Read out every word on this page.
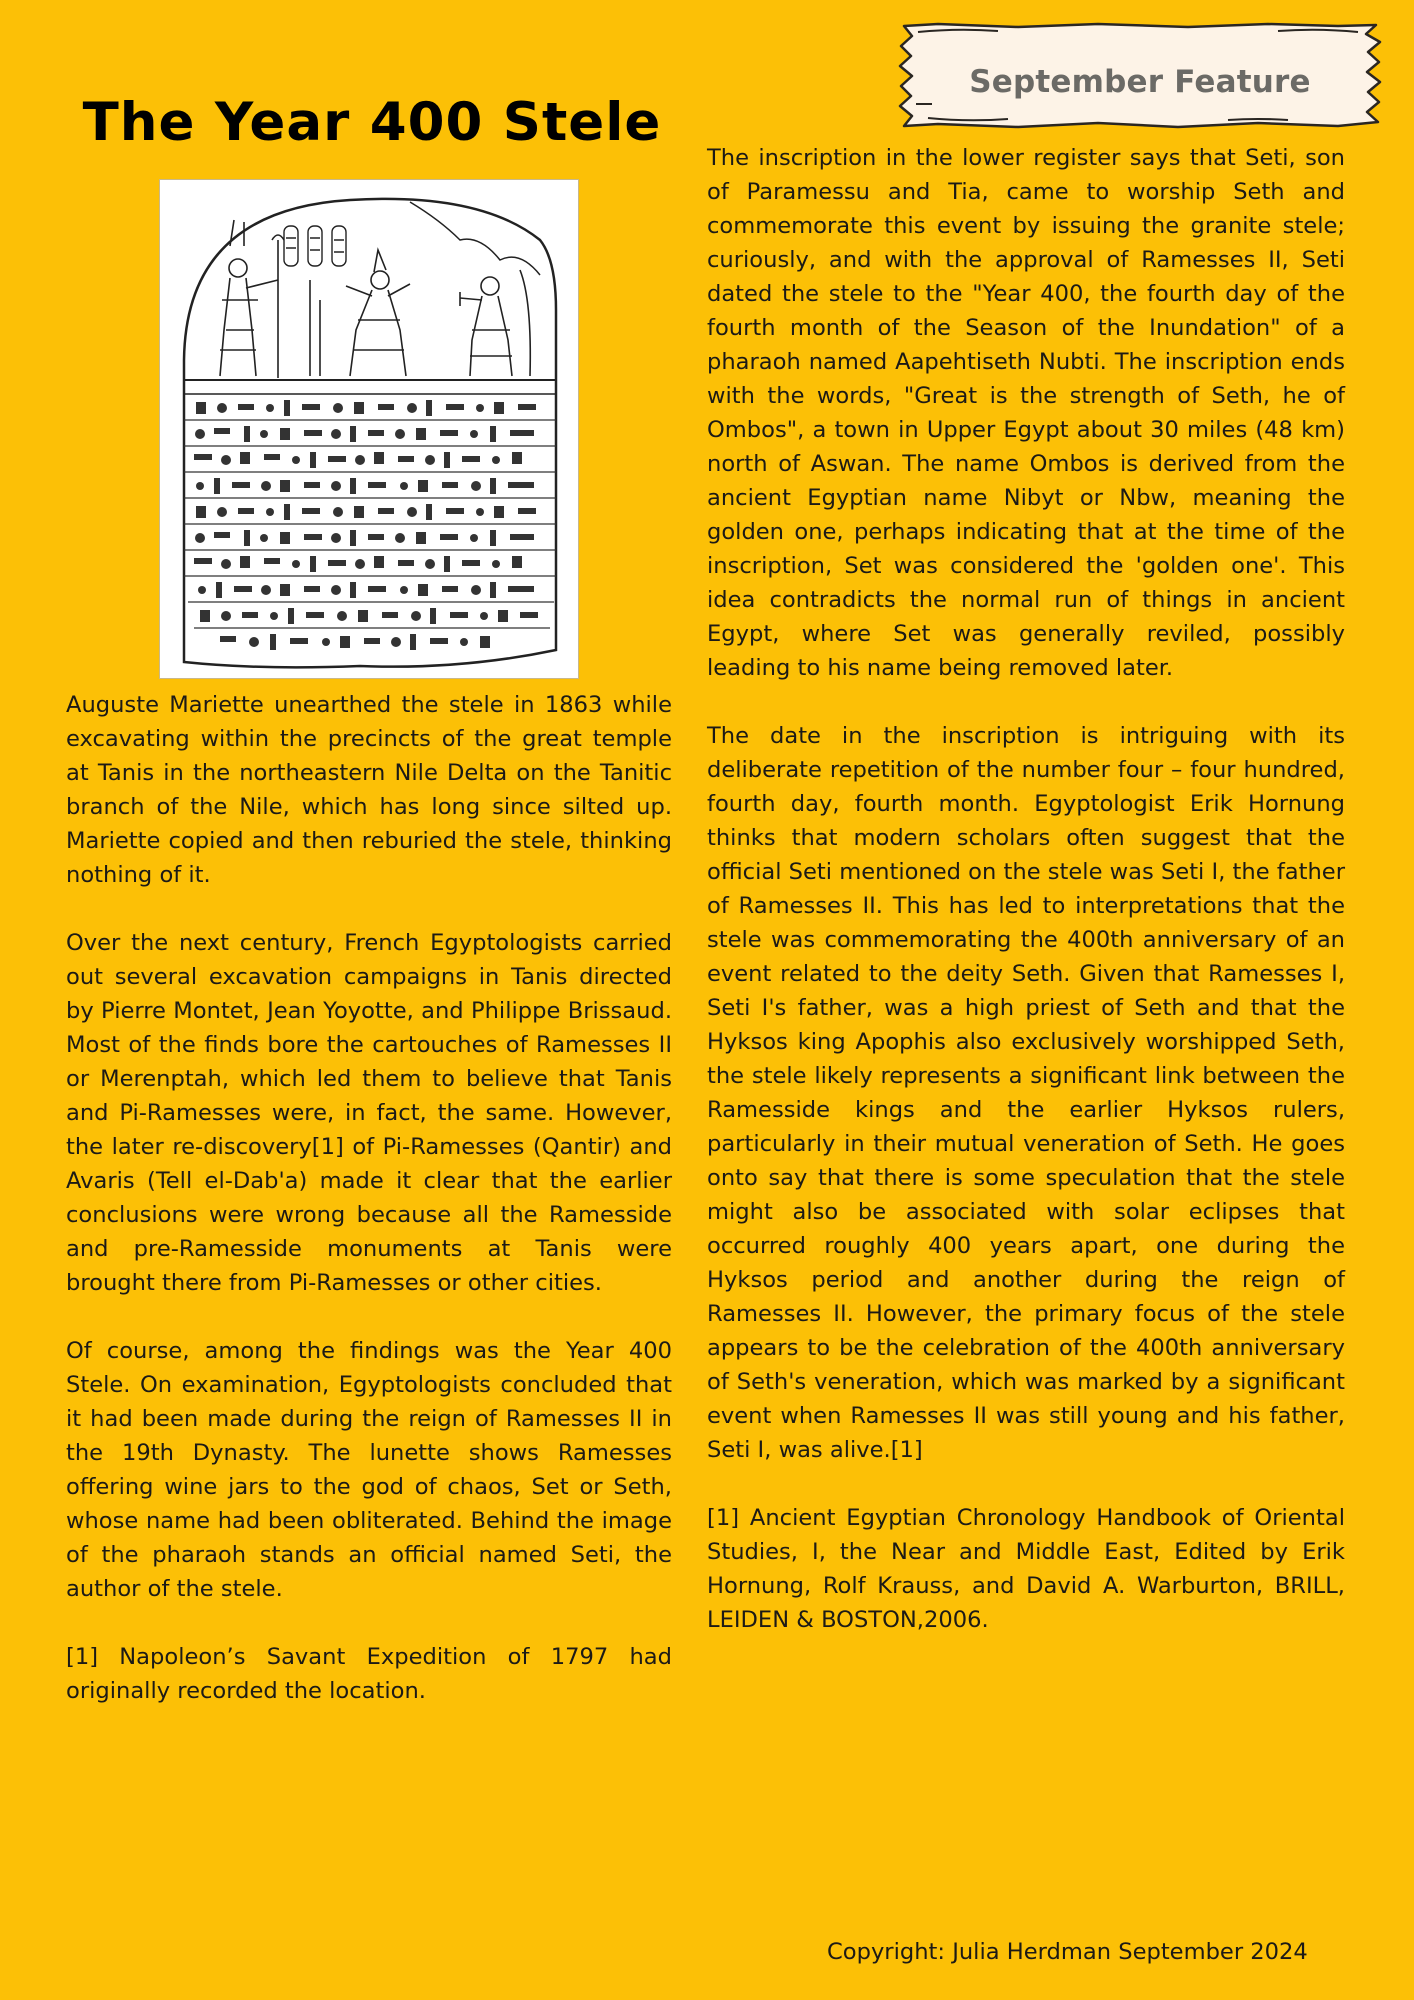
September Feature
The Year 400 Stele

Auguste Mariette unearthed the stele in 1863 while excavating within the precincts of the great temple at Tanis in the northeastern Nile Delta on the Tanitic branch of the Nile, which has long since silted up. Mariette copied and then reburied the stele, thinking nothing of it.

Over the next century, French Egyptologists carried out several excavation campaigns in Tanis directed by Pierre Montet, Jean Yoyotte, and Philippe Brissaud. Most of the finds bore the cartouches of Ramesses II or Merenptah, which led them to believe that Tanis and Pi-Ramesses were, in fact, the same. However, the later re-discovery[1] of Pi-Ramesses (Qantir) and Avaris (Tell el-Dab'a) made it clear that the earlier conclusions were wrong because all the Ramesside and pre-Ramesside monuments at Tanis were brought there from Pi-Ramesses or other cities.

Of course, among the findings was the Year 400 Stele. On examination, Egyptologists concluded that it had been made during the reign of Ramesses II in the 19th Dynasty. The lunette shows Ramesses offering wine jars to the god of chaos, Set or Seth, whose name had been obliterated. Behind the image of the pharaoh stands an official named Seti, the author of the stele.

[1] Napoleon’s Savant Expedition of 1797 had originally recorded the location.

The inscription in the lower register says that Seti, son of Paramessu and Tia, came to worship Seth and commemorate this event by issuing the granite stele; curiously, and with the approval of Ramesses II, Seti dated the stele to the "Year 400, the fourth day of the fourth month of the Season of the Inundation" of a pharaoh named Aapehtiseth Nubti. The inscription ends with the words, "Great is the strength of Seth, he of Ombos", a town in Upper Egypt about 30 miles (48 km) north of Aswan. The name Ombos is derived from the ancient Egyptian name Nibyt or Nbw, meaning the golden one, perhaps indicating that at the time of the inscription, Set was considered the 'golden one'. This idea contradicts the normal run of things in ancient Egypt, where Set was generally reviled, possibly leading to his name being removed later.

The date in the inscription is intriguing with its deliberate repetition of the number four – four hundred, fourth day, fourth month. Egyptologist Erik Hornung thinks that modern scholars often suggest that the official Seti mentioned on the stele was Seti I, the father of Ramesses II. This has led to interpretations that the stele was commemorating the 400th anniversary of an event related to the deity Seth. Given that Ramesses I, Seti I's father, was a high priest of Seth and that the Hyksos king Apophis also exclusively worshipped Seth, the stele likely represents a significant link between the Ramesside kings and the earlier Hyksos rulers, particularly in their mutual veneration of Seth. He goes onto say that there is some speculation that the stele might also be associated with solar eclipses that occurred roughly 400 years apart, one during the Hyksos period and another during the reign of Ramesses II. However, the primary focus of the stele appears to be the celebration of the 400th anniversary of Seth's veneration, which was marked by a significant event when Ramesses II was still young and his father, Seti I, was alive.[1]

[1] Ancient Egyptian Chronology Handbook of Oriental Studies, I, the Near and Middle East, Edited by Erik Hornung, Rolf Krauss, and David A. Warburton, BRILL, LEIDEN & BOSTON,2006.

Copyright: Julia Herdman September 2024
